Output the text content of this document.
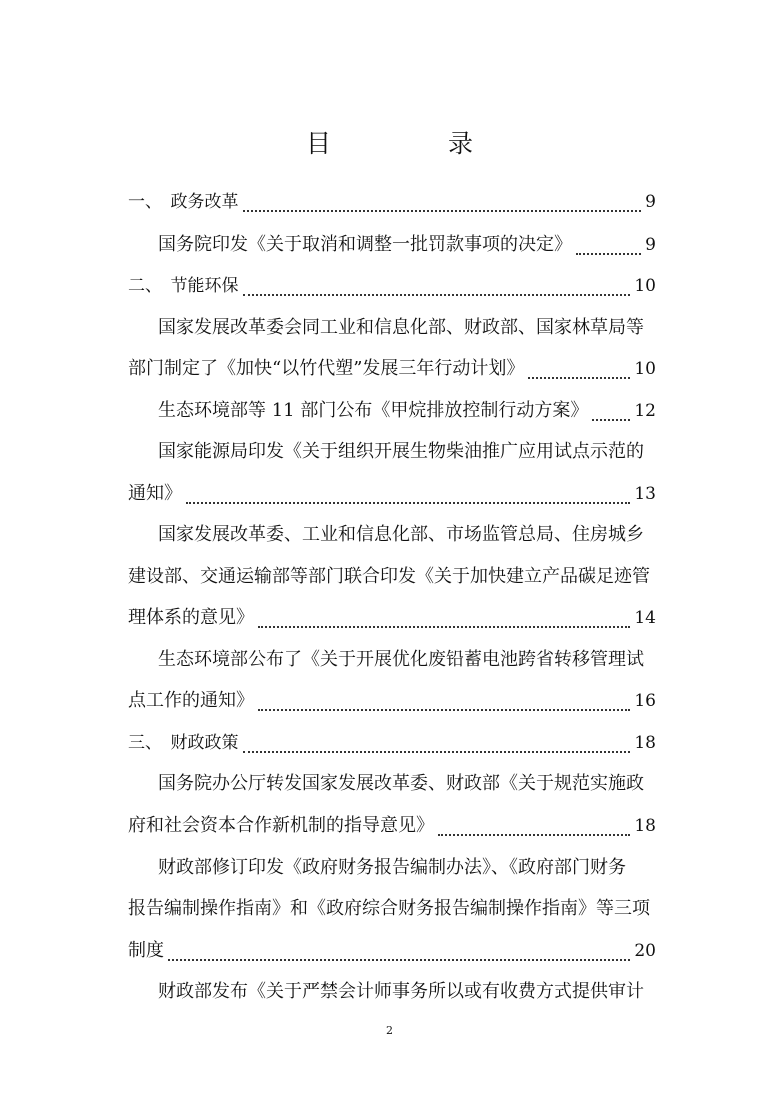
目　录
一、　政务改革	9
国务院印发《关于取消和调整一批罚款事项的决定》	9
二、　节能环保	10
国家发展改革委会同工业和信息化部、财政部、国家林草局等
部门制定了《加快“以竹代塑”发展三年行动计划》	10
生态环境部等 11 部门公布《甲烷排放控制行动方案》	12
国家能源局印发《关于组织开展生物柴油推广应用试点示范的
通知》	13
国家发展改革委、工业和信息化部、市场监管总局、住房城乡
建设部、交通运输部等部门联合印发《关于加快建立产品碳足迹管
理体系的意见》	14
生态环境部公布了《关于开展优化废铅蓄电池跨省转移管理试
点工作的通知》	16
三、　财政政策	18
国务院办公厅转发国家发展改革委、财政部《关于规范实施政
府和社会资本合作新机制的指导意见》	18
财政部修订印发《政府财务报告编制办法》、《政府部门财务
报告编制操作指南》和《政府综合财务报告编制操作指南》等三项
制度	20
财政部发布《关于严禁会计师事务所以或有收费方式提供审计
2
